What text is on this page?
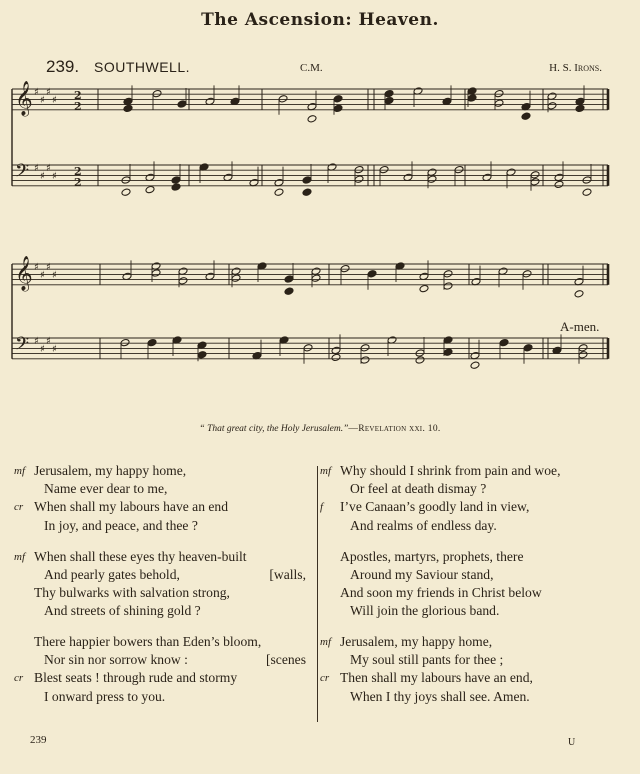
The Ascension: Heaven.
239. SOUTHWELL.	C.M.	H. S. Irons.
𝄞 ♯
♯
♯
♯ 2
2
𝄢 ♯
♯
♯
♯ 2
2
𝄞 ♯
♯
♯
♯
𝄢 ♯
♯
♯
♯
A-men.
“ That great city, the Holy Jerusalem.”—Revelation xxi. 10.
mf Jerusalem, my happy home,
Name ever dear to me,
cr When shall my labours have an end
In joy, and peace, and thee ?
mf When shall these eyes thy heaven-built
And pearly gates behold,	[walls,
Thy bulwarks with salvation strong,
And streets of shining gold ?
There happier bowers than Eden’s bloom,
Nor sin nor sorrow know :	[scenes
cr Blest seats ! through rude and stormy
I onward press to you.
mf Why should I shrink from pain and woe,
Or feel at death dismay ?
f	I’ve Canaan’s goodly land in view,
And realms of endless day.
Apostles, martyrs, prophets, there
Around my Saviour stand,
And soon my friends in Christ below
Will join the glorious band.
mf Jerusalem, my happy home,
My soul still pants for thee ;
cr Then shall my labours have an end,
When I thy joys shall see. Amen.
239	U
